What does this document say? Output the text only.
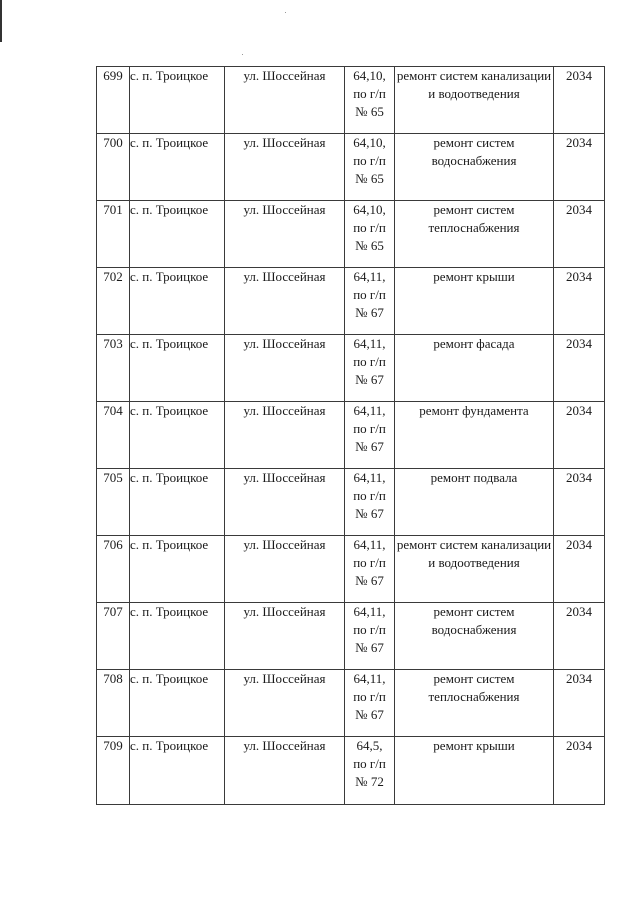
699	с. п. Троицкое	ул. Шоссейная	64,10,
по г/п
№ 65	ремонт систем канализации и водоотведения	2034
700	с. п. Троицкое	ул. Шоссейная	64,10,
по г/п
№ 65	ремонт систем водоснабжения	2034
701	с. п. Троицкое	ул. Шоссейная	64,10,
по г/п
№ 65	ремонт систем теплоснабжения	2034
702	с. п. Троицкое	ул. Шоссейная	64,11,
по г/п
№ 67	ремонт крыши	2034
703	с. п. Троицкое	ул. Шоссейная	64,11,
по г/п
№ 67	ремонт фасада	2034
704	с. п. Троицкое	ул. Шоссейная	64,11,
по г/п
№ 67	ремонт фундамента	2034
705	с. п. Троицкое	ул. Шоссейная	64,11,
по г/п
№ 67	ремонт подвала	2034
706	с. п. Троицкое	ул. Шоссейная	64,11,
по г/п
№ 67	ремонт систем канализации и водоотведения	2034
707	с. п. Троицкое	ул. Шоссейная	64,11,
по г/п
№ 67	ремонт систем водоснабжения	2034
708	с. п. Троицкое	ул. Шоссейная	64,11,
по г/п
№ 67	ремонт систем теплоснабжения	2034
709	с. п. Троицкое	ул. Шоссейная	64,5,
по г/п
№ 72	ремонт крыши	2034
